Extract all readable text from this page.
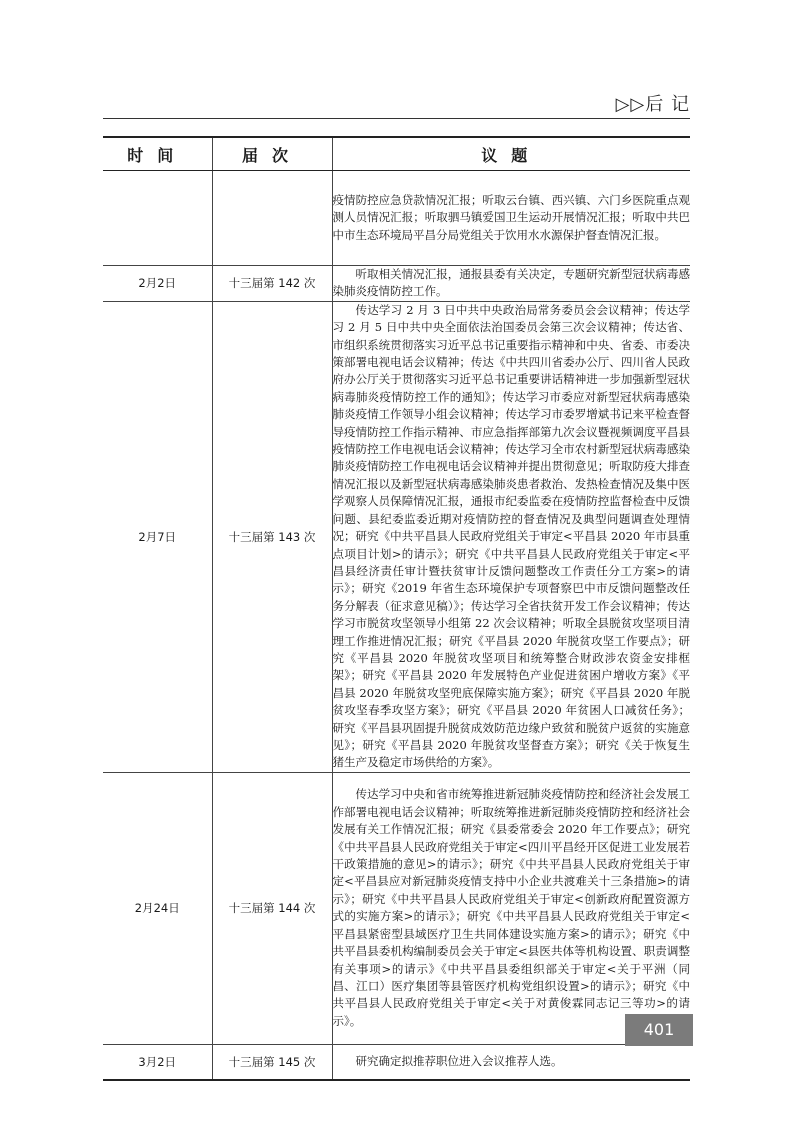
▷▷后 记
时间	届次	议题
		疫情防控应急贷款情况汇报；听取云台镇、西兴镇、六门乡医院重点观测人员情况汇报；听取驷马镇爱国卫生运动开展情况汇报；听取中共巴中市生态环境局平昌分局党组关于饮用水水源保护督查情况汇报。
2月2日	十三届第 142 次	听取相关情况汇报，通报县委有关决定，专题研究新型冠状病毒感染肺炎疫情防控工作。

2月7日	十三届第 143 次	传达学习 2 月 3 日中共中央政治局常务委员会会议精神；传达学习 2 月 5 日中共中央全面依法治国委员会第三次会议精神；传达省、市组织系统贯彻落实习近平总书记重要指示精神和中央、省委、市委决策部署电视电话会议精神；传达《中共四川省委办公厅、四川省人民政府办公厅关于贯彻落实习近平总书记重要讲话精神进一步加强新型冠状病毒肺炎疫情防控工作的通知》；传达学习市委应对新型冠状病毒感染肺炎疫情工作领导小组会议精神；传达学习市委罗增斌书记来平检查督导疫情防控工作指示精神、市应急指挥部第九次会议暨视频调度平昌县疫情防控工作电视电话会议精神；传达学习全市农村新型冠状病毒感染肺炎疫情防控工作电视电话会议精神并提出贯彻意见；听取防疫大排查情况汇报以及新型冠状病毒感染肺炎患者救治、发热检查情况及集中医学观察人员保障情况汇报，通报市纪委监委在疫情防控监督检查中反馈问题、县纪委监委近期对疫情防控的督查情况及典型问题调查处理情况；研究《中共平昌县人民政府党组关于审定<平昌县 2020 年市县重点项目计划>的请示》；研究《中共平昌县人民政府党组关于审定<平昌县经济责任审计暨扶贫审计反馈问题整改工作责任分工方案>的请示》；研究《2019 年省生态环境保护专项督察巴中市反馈问题整改任务分解表（征求意见稿）》；传达学习全省扶贫开发工作会议精神；传达学习市脱贫攻坚领导小组第 22 次会议精神；听取全县脱贫攻坚项目清理工作推进情况汇报；研究《平昌县 2020 年脱贫攻坚工作要点》；研究《平昌县 2020 年脱贫攻坚项目和统筹整合财政涉农资金安排框架》；研究《平昌县 2020 年发展特色产业促进贫困户增收方案》《平昌县 2020 年脱贫攻坚兜底保障实施方案》；研究《平昌县 2020 年脱贫攻坚春季攻坚方案》；研究《平昌县 2020 年贫困人口减贫任务》；研究《平昌县巩固提升脱贫成效防范边缘户致贫和脱贫户返贫的实施意见》；研究《平昌县 2020 年脱贫攻坚督查方案》；研究《关于恢复生猪生产及稳定市场供给的方案》。

2月24日	十三届第 144 次	传达学习中央和省市统筹推进新冠肺炎疫情防控和经济社会发展工作部署电视电话会议精神；听取统筹推进新冠肺炎疫情防控和经济社会发展有关工作情况汇报；研究《县委常委会 2020 年工作要点》；研究《中共平昌县人民政府党组关于审定<四川平昌经开区促进工业发展若干政策措施的意见>的请示》；研究《中共平昌县人民政府党组关于审定<平昌县应对新冠肺炎疫情支持中小企业共渡难关十三条措施>的请示》；研究《中共平昌县人民政府党组关于审定<创新政府配置资源方式的实施方案>的请示》；研究《中共平昌县人民政府党组关于审定<平昌县紧密型县域医疗卫生共同体建设实施方案>的请示》；研究《中共平昌县委机构编制委员会关于审定<县医共体等机构设置、职责调整有关事项>的请示》《中共平昌县委组织部关于审定<关于平洲（同昌、江口）医疗集团等县管医疗机构党组织设置>的请示》；研究《中共平昌县人民政府党组关于审定<关于对黄俊霖同志记三等功>的请示》。

3月2日	十三届第 145 次	研究确定拟推荐职位进入会议推荐人选。
401
